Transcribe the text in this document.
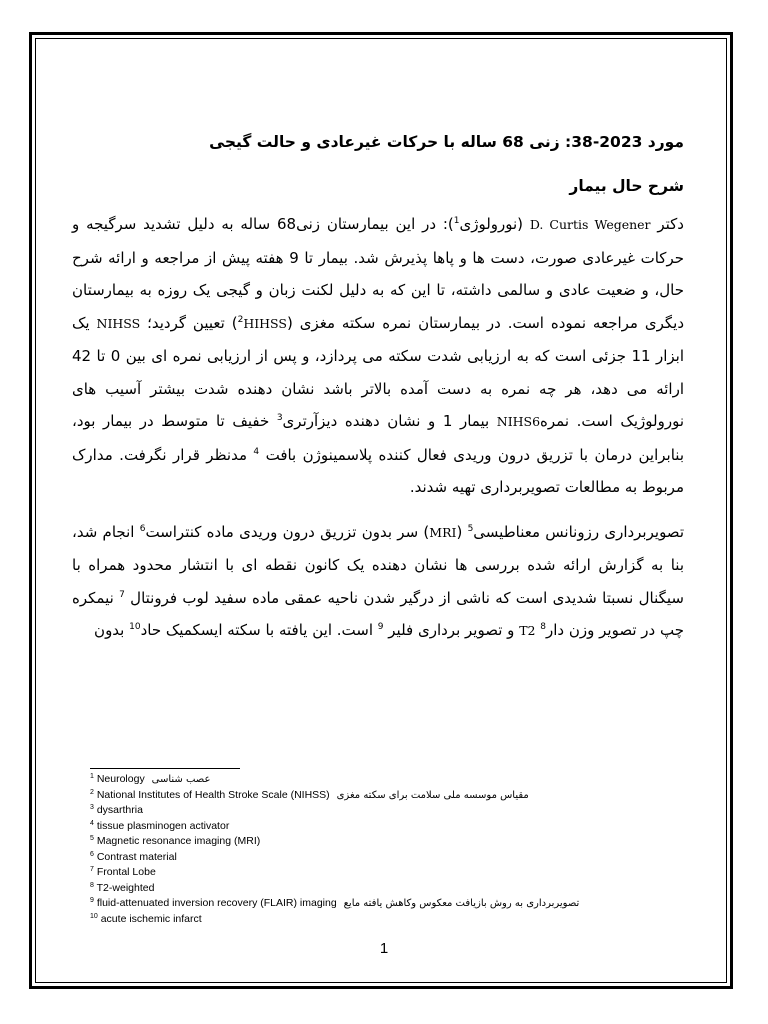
مورد 2023-38: زنی 68 ساله با حرکات غیرعادی و حالت گیجی

شرح حال بیمار

دکتر D. Curtis Wegener (نورولوژی$^1$): در این بیمارستان زنی68 ساله به دلیل تشدید سرگیجه و حرکات غیرعادی صورت، دست ها و پاها پذیرش شد. بیمار تا 9 هفته پیش از مراجعه و ارائه شرح حال، و ضعیت عادی و سالمی داشته، تا این که به دلیل لکنت زبان و گیجی یک روزه به بیمارستان دیگری مراجعه نموده است. در بیمارستان نمره سکته مغزی ($^2$HIHSS) تعیین گردید؛ NIHSS یک ابزار 11 جزئی است که به ارزیابی شدت سکته می پردازد، و پس از ارزیابی نمره ای بین 0 تا 42 ارائه می دهد، هر چه نمره به دست آمده بالاتر باشد نشان دهنده شدت بیشتر آسیب های نورولوژیک است. نمرهNIHS6 بیمار 1 و نشان دهنده دیزآرتری$^3$ خفیف تا متوسط در بیمار بود، بنابراین درمان با تزریق درون وریدی فعال کننده پلاسمینوژن بافت $^4$ مدنظر قرار نگرفت. مدارک مربوط به مطالعات تصویربرداری تهیه شدند.

تصویربرداری رزونانس معناطیسی$^5$ (MRI) سر بدون تزریق درون وریدی ماده کنتراست$^6$ انجام شد، بنا به گزارش ارائه شده بررسی ها نشان دهنده یک کانون نقطه ای با انتشار محدود همراه با سیگنال نسبتا شدیدی است که ناشی از درگیر شدن ناحیه عمقی ماده سفید لوب فرونتال $^7$ نیمکره چپ در تصویر وزن دار$^8$ T2 و تصویر برداری فلیر $^9$ است. این یافته با سکته ایسکمیک حاد$^{10}$ بدون

$^1$ Neurology عصب شناسی
$^2$ National Institutes of Health Stroke Scale (NIHSS) مقیاس موسسه ملی سلامت برای سکته مغزی
$^3$ dysarthria
$^4$ tissue plasminogen activator
$^5$ Magnetic resonance imaging (MRI)
$^6$ Contrast material
$^7$ Frontal Lobe
$^8$ T2-weighted
$^9$ fluid-attenuated inversion recovery (FLAIR) imaging تصویربرداری به روش بازیافت معکوس وکاهش یافته مایع
$^{10}$ acute ischemic infarct
1
